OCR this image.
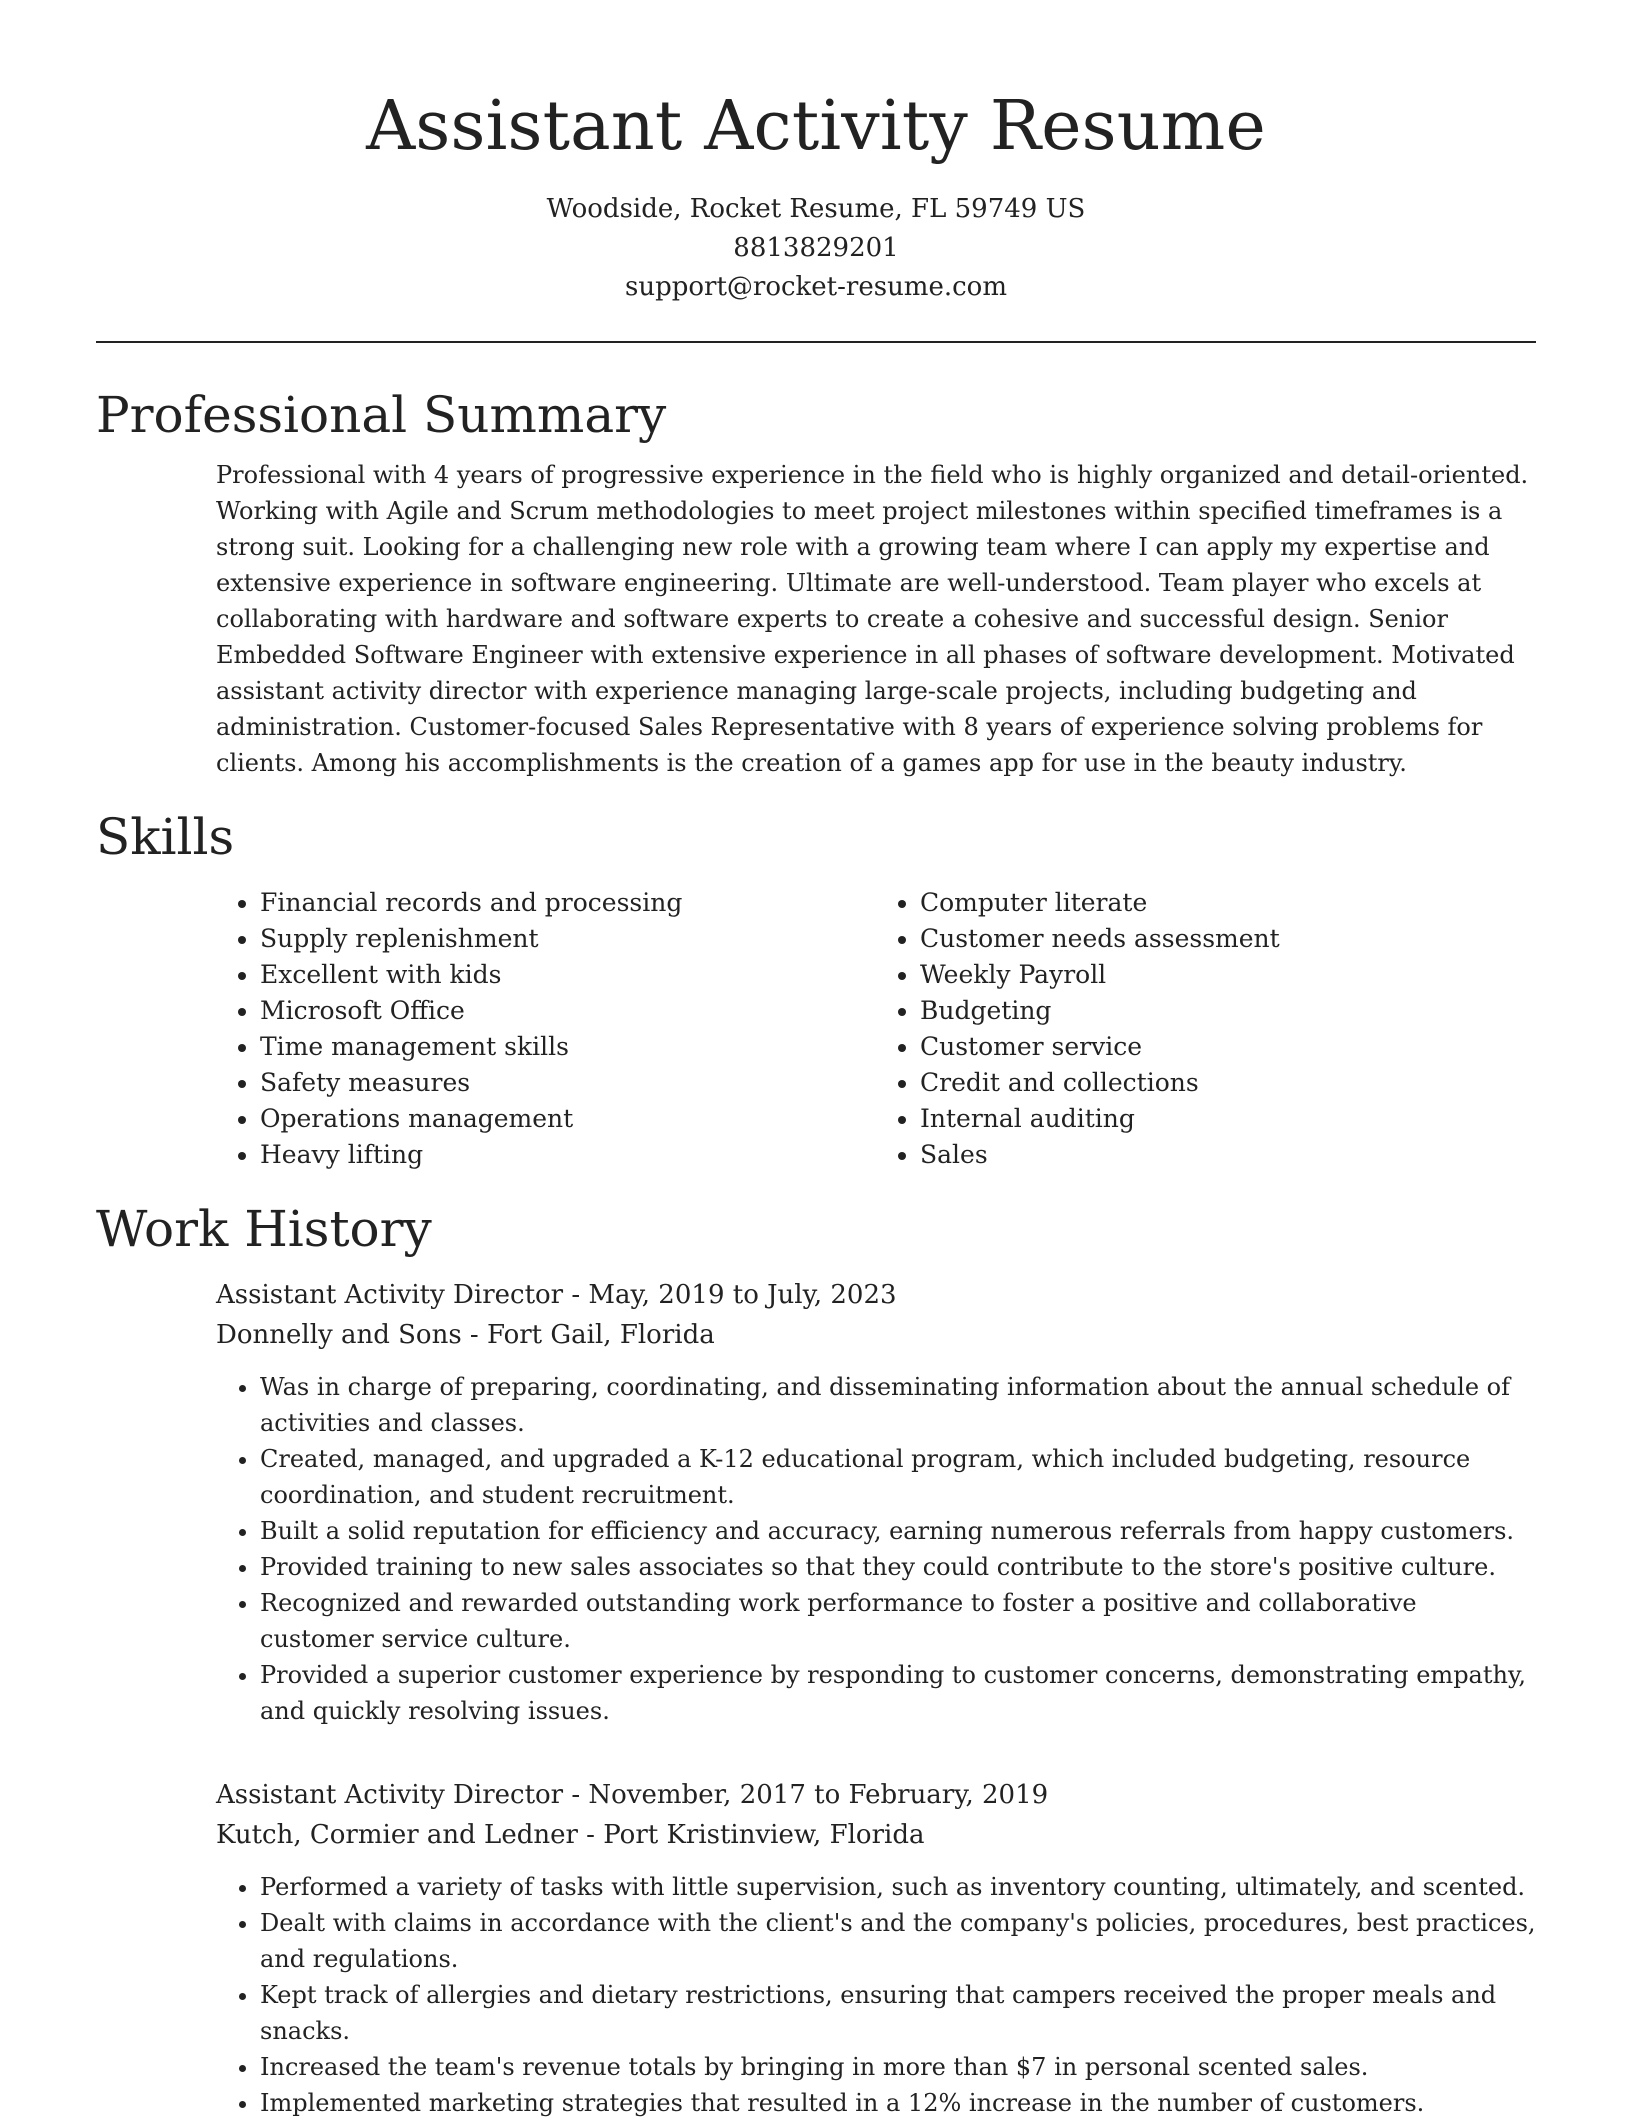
Assistant Activity Resume
Woodside, Rocket Resume, FL 59749 US
8813829201
support@rocket-resume.com
Professional Summary
Professional with 4 years of progressive experience in the field who is highly organized and detail-oriented. Working with Agile and Scrum methodologies to meet project milestones within specified timeframes is a strong suit. Looking for a challenging new role with a growing team where I can apply my expertise and extensive experience in software engineering. Ultimate are well-understood. Team player who excels at collaborating with hardware and software experts to create a cohesive and successful design. Senior Embedded Software Engineer with extensive experience in all phases of software development. Motivated assistant activity director with experience managing large-scale projects, including budgeting and administration. Customer-focused Sales Representative with 8 years of experience solving problems for clients. Among his accomplishments is the creation of a games app for use in the beauty industry.
Skills
• Financial records and processing
• Supply replenishment
• Excellent with kids
• Microsoft Office
• Time management skills
• Safety measures
• Operations management
• Heavy lifting
• Computer literate
• Customer needs assessment
• Weekly Payroll
• Budgeting
• Customer service
• Credit and collections
• Internal auditing
• Sales
Work History
Assistant Activity Director - May, 2019 to July, 2023
Donnelly and Sons - Fort Gail, Florida
• Was in charge of preparing, coordinating, and disseminating information about the annual schedule of activities and classes.
• Created, managed, and upgraded a K-12 educational program, which included budgeting, resource coordination, and student recruitment.
• Built a solid reputation for efficiency and accuracy, earning numerous referrals from happy customers.
• Provided training to new sales associates so that they could contribute to the store's positive culture.
• Recognized and rewarded outstanding work performance to foster a positive and collaborative customer service culture.
• Provided a superior customer experience by responding to customer concerns, demonstrating empathy, and quickly resolving issues.
Assistant Activity Director - November, 2017 to February, 2019
Kutch, Cormier and Ledner - Port Kristinview, Florida
• Performed a variety of tasks with little supervision, such as inventory counting, ultimately, and scented.
• Dealt with claims in accordance with the client's and the company's policies, procedures, best practices, and regulations.
• Kept track of allergies and dietary restrictions, ensuring that campers received the proper meals and snacks.
• Increased the team's revenue totals by bringing in more than $7 in personal scented sales.
• Implemented marketing strategies that resulted in a 12% increase in the number of customers.
